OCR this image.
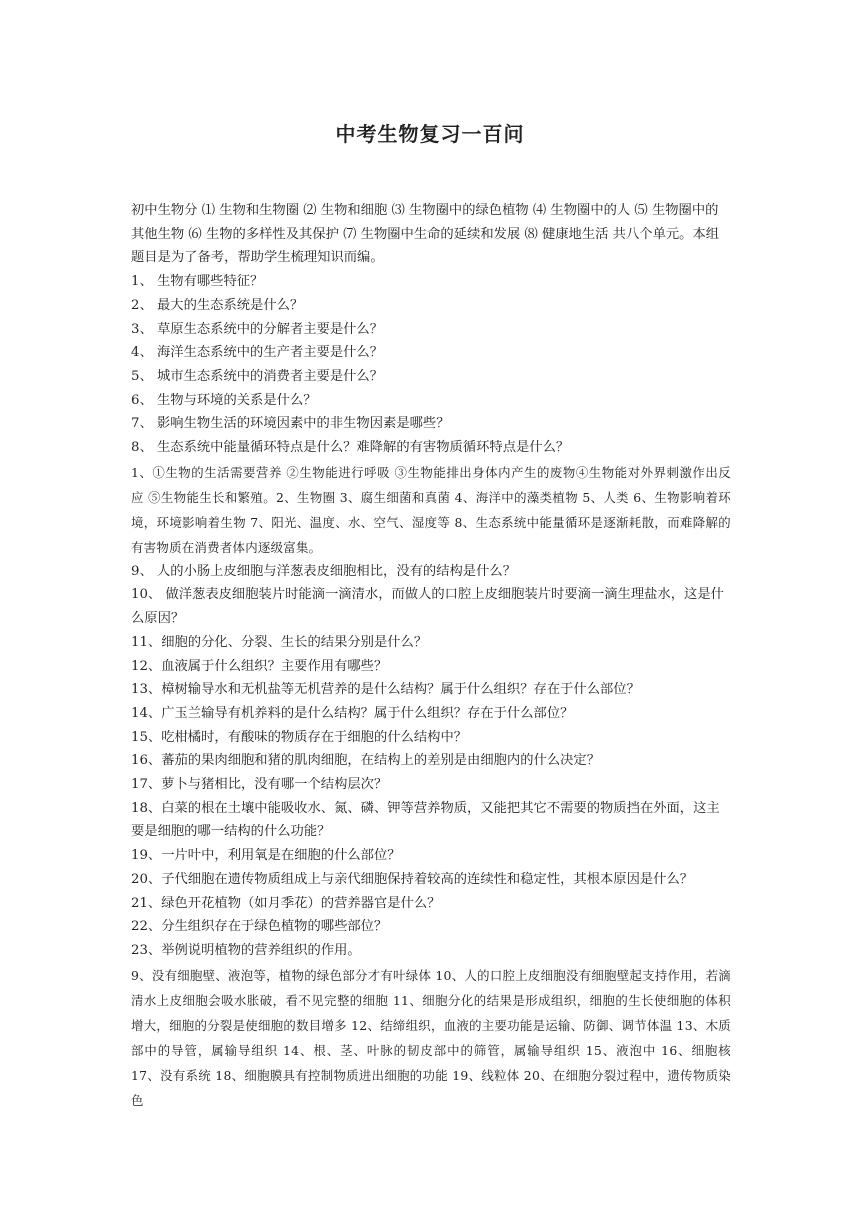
中考生物复习一百问

初中生物分 ⑴ 生物和生物圈 ⑵ 生物和细胞 ⑶ 生物圈中的绿色植物 ⑷ 生物圈中的人 ⑸ 生物圈中的其他生物 ⑹ 生物的多样性及其保护 ⑺ 生物圈中生命的延续和发展 ⑻ 健康地生活 共八个单元。本组题目是为了备考，帮助学生梳理知识而编。

1、 生物有哪些特征？

2、 最大的生态系统是什么？

3、 草原生态系统中的分解者主要是什么？

4、 海洋生态系统中的生产者主要是什么？

5、 城市生态系统中的消费者主要是什么？

6、 生物与环境的关系是什么？

7、 影响生物生活的环境因素中的非生物因素是哪些？

8、 生态系统中能量循环特点是什么？难降解的有害物质循环特点是什么？

1、①生物的生活需要营养 ②生物能进行呼吸 ③生物能排出身体内产生的废物④生物能对外界刺激作出反应 ⑤生物能生长和繁殖。2、生物圈 3、腐生细菌和真菌 4、海洋中的藻类植物 5、人类 6、生物影响着环境，环境影响着生物 7、阳光、温度、水、空气、湿度等 8、生态系统中能量循环是逐渐耗散，而难降解的有害物质在消费者体内逐级富集。

9、 人的小肠上皮细胞与洋葱表皮细胞相比，没有的结构是什么？

10、 做洋葱表皮细胞装片时能滴一滴清水，而做人的口腔上皮细胞装片时要滴一滴生理盐水，这是什么原因？

11、细胞的分化、分裂、生长的结果分别是什么？

12、血液属于什么组织？主要作用有哪些？

13、樟树输导水和无机盐等无机营养的是什么结构？属于什么组织？存在于什么部位？

14、广玉兰输导有机养料的是什么结构？属于什么组织？存在于什么部位？

15、吃柑橘时，有酸味的物质存在于细胞的什么结构中？

16、蕃茄的果肉细胞和猪的肌肉细胞，在结构上的差别是由细胞内的什么决定？

17、萝卜与猪相比，没有哪一个结构层次？

18、白菜的根在土壤中能吸收水、氮、磷、钾等营养物质，又能把其它不需要的物质挡在外面，这主要是细胞的哪一结构的什么功能？

19、一片叶中，利用氧是在细胞的什么部位？

20、子代细胞在遗传物质组成上与亲代细胞保持着较高的连续性和稳定性，其根本原因是什么？

21、绿色开花植物（如月季花）的营养器官是什么？

22、分生组织存在于绿色植物的哪些部位？

23、举例说明植物的营养组织的作用。

9、没有细胞壁、液泡等，植物的绿色部分才有叶绿体 10、人的口腔上皮细胞没有细胞壁起支持作用，若滴清水上皮细胞会吸水胀破，看不见完整的细胞 11、细胞分化的结果是形成组织，细胞的生长使细胞的体积增大，细胞的分裂是使细胞的数目增多 12、结缔组织，血液的主要功能是运输、防御、调节体温 13、木质部中的导管，属输导组织 14、根、茎、叶脉的韧皮部中的筛管，属输导组织 15、液泡中 16、细胞核 17、没有系统 18、细胞膜具有控制物质进出细胞的功能 19、线粒体 20、在细胞分裂过程中，遗传物质染色
